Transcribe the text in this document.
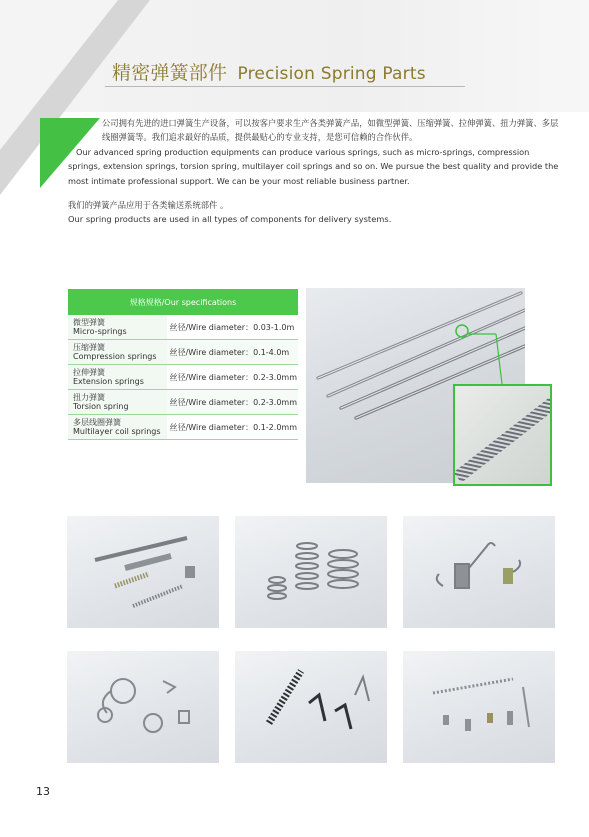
精密弹簧部件 Precision Spring Parts

公司拥有先进的进口弹簧生产设备，可以按客户要求生产各类弹簧产品，如微型弹簧、压缩弹簧、拉伸弹簧、扭力弹簧、多层

线圈弹簧等。我们追求最好的品质，提供最贴心的专业支持，是您可信赖的合作伙伴。

Our advanced spring production equipments can produce various springs, such as micro-springs, compression springs, extension springs, torsion spring, multilayer coil springs and so on. We pursue the best quality and provide the most intimate professional support. We can be your most reliable business partner.

我们的弹簧产品应用于各类输送系统部件 。

Our spring products are used in all types of components for delivery systems.

规格规格/Our specifications	
微型弹簧
Micro-springs	丝径/Wire diameter：0.03-1.0m
压缩弹簧
Compression springs	丝径/Wire diameter：0.1-4.0m
拉伸弹簧
Extension springs	丝径/Wire diameter：0.2-3.0mm
扭力弹簧
Torsion spring	丝径/Wire diameter：0.2-3.0mm
多层线圈弹簧
Multilayer coil springs	丝径/Wire diameter：0.1-2.0mm
13
